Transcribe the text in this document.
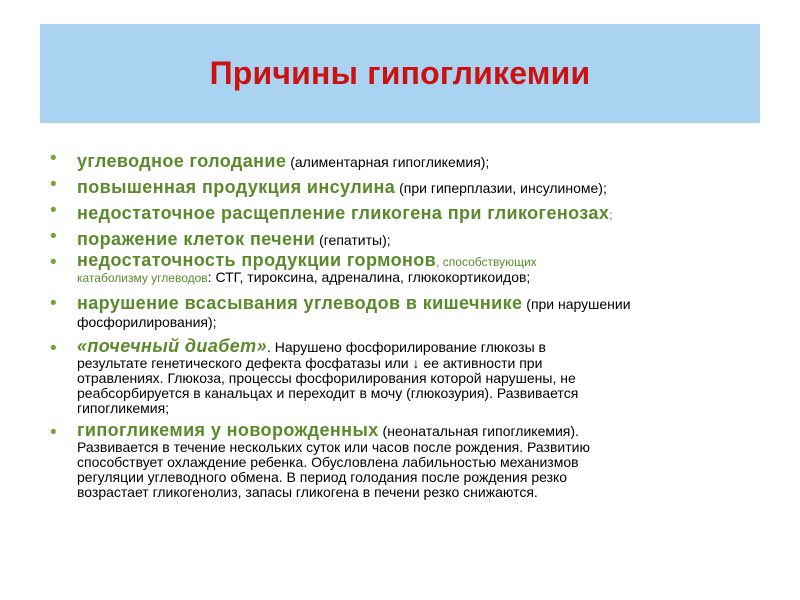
Причины гипогликемии
• углеводное голодание (алиментарная гипогликемия);
• повышенная продукция инсулина (при гиперплазии, инсулиноме);
• недостаточное расщепление гликогена при гликогенозах;
• поражение клеток печени (гепатиты);
• недостаточность продукции гормонов, способствующих
катаболизму углеводов: СТГ, тироксина, адреналина, глюкокортикоидов;
• нарушение всасывания углеводов в кишечнике (при нарушении
фосфорилирования);
• «почечный диабет». Нарушено фосфорилирование глюкозы в
результате генетического дефекта фосфатазы или ↓ ее активности при
отравлениях. Глюкоза, процессы фосфорилирования которой нарушены, не
реабсорбируется в канальцах и переходит в мочу (глюкозурия). Развивается
гипогликемия;
• гипогликемия у новорожденных (неонатальная гипогликемия).
Развивается в течение нескольких суток или часов после рождения. Развитию
способствует охлаждение ребенка. Обусловлена лабильностью механизмов
регуляции углеводного обмена. В период голодания после рождения резко
возрастает гликогенолиз, запасы гликогена в печени резко снижаются.
